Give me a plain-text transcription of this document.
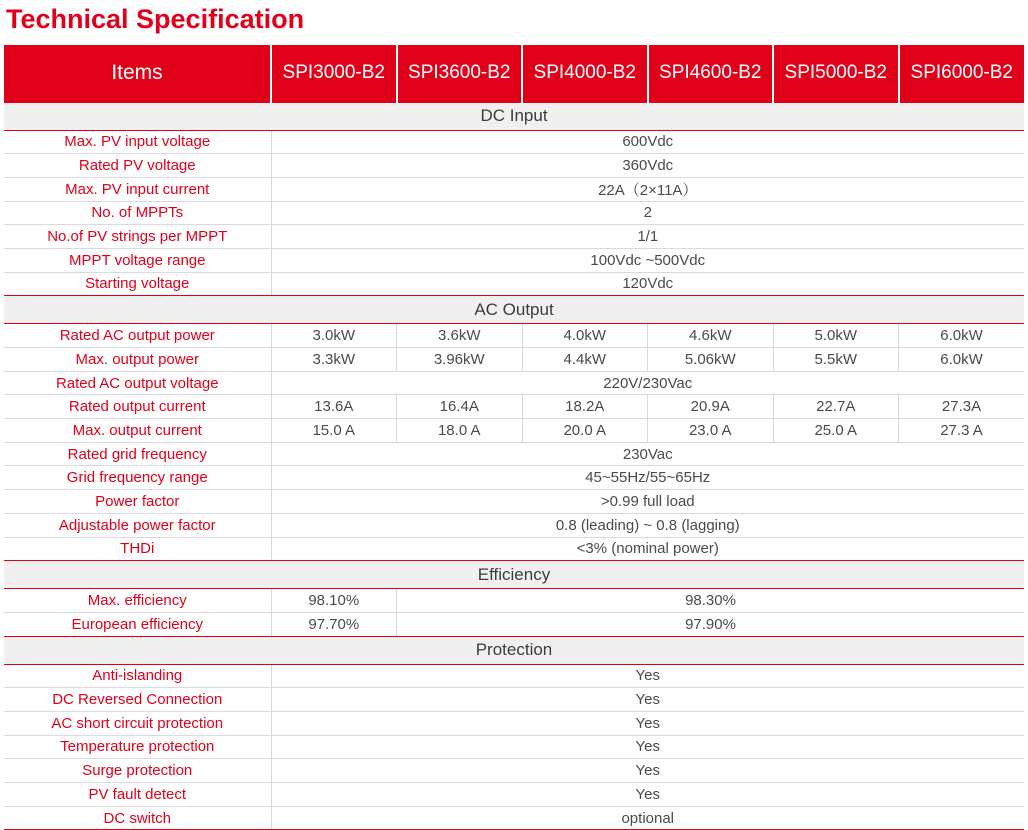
Technical Specification
Items	SPI3000-B2	SPI3600-B2	SPI4000-B2	SPI4600-B2	SPI5000-B2	SPI6000-B2
DC Input						
Max. PV input voltage	600Vdc					
Rated PV voltage	360Vdc					
Max. PV input current	22A（2×11A）					
No. of MPPTs	2					
No.of PV strings per MPPT	1/1					
MPPT voltage range	100Vdc ~500Vdc					
Starting voltage	120Vdc					
AC Output						
Rated AC output power	3.0kW	3.6kW	4.0kW	4.6kW	5.0kW	6.0kW
Max. output power	3.3kW	3.96kW	4.4kW	5.06kW	5.5kW	6.0kW
Rated AC output voltage	220V/230Vac					
Rated output current	13.6A	16.4A	18.2A	20.9A	22.7A	27.3A
Max. output current	15.0 A	18.0 A	20.0 A	23.0 A	25.0 A	27.3 A
Rated grid frequency	230Vac					
Grid frequency range	45~55Hz/55~65Hz					
Power factor	>0.99 full load					
Adjustable power factor	0.8 (leading) ~ 0.8 (lagging)					
THDi	<3% (nominal power)					
Efficiency						
Max. efficiency	98.10%	98.30%				
European efficiency	97.70%	97.90%				
Protection						
Anti-islanding	Yes					
DC Reversed Connection	Yes					
AC short circuit protection	Yes					
Temperature protection	Yes					
Surge protection	Yes					
PV fault detect	Yes					
DC switch	optional					
